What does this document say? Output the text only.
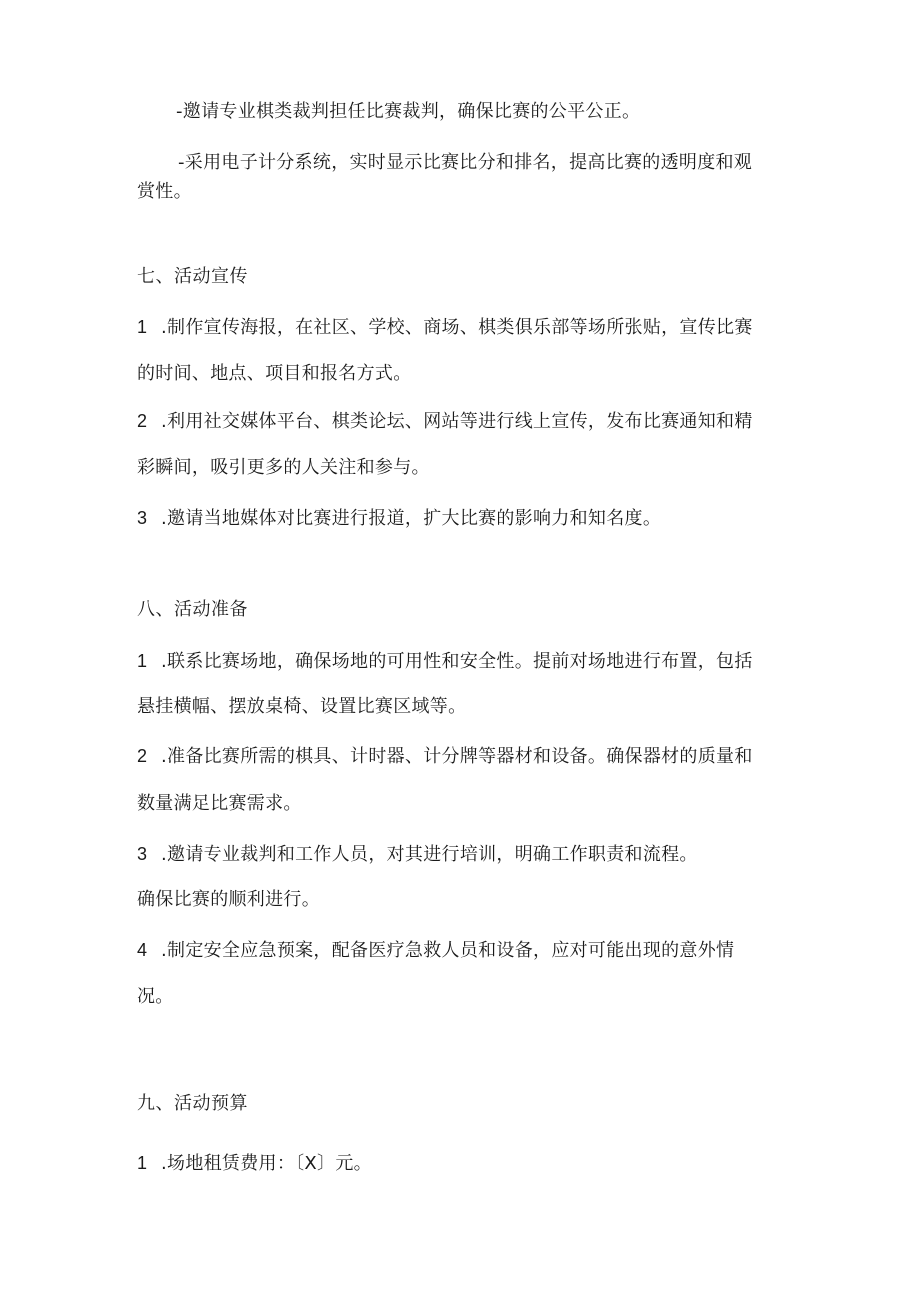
-邀请专业棋类裁判担任比赛裁判，确保比赛的公平公正。
-采用电子计分系统，实时显示比赛比分和排名，提高比赛的透明度和观
赏性。
七、活动宣传
1 .制作宣传海报，在社区、学校、商场、棋类俱乐部等场所张贴，宣传比赛
的时间、地点、项目和报名方式。
2 .利用社交媒体平台、棋类论坛、网站等进行线上宣传，发布比赛通知和精
彩瞬间，吸引更多的人关注和参与。
3 .邀请当地媒体对比赛进行报道，扩大比赛的影响力和知名度。
八、活动准备
1 .联系比赛场地，确保场地的可用性和安全性。提前对场地进行布置，包括
悬挂横幅、摆放桌椅、设置比赛区域等。
2 .准备比赛所需的棋具、计时器、计分牌等器材和设备。确保器材的质量和
数量满足比赛需求。
3 .邀请专业裁判和工作人员，对其进行培训，明确工作职责和流程。
确保比赛的顺利进行。
4 .制定安全应急预案，配备医疗急救人员和设备，应对可能出现的意外情
况。
九、活动预算
1 .场地租赁费用：〔X〕元。
